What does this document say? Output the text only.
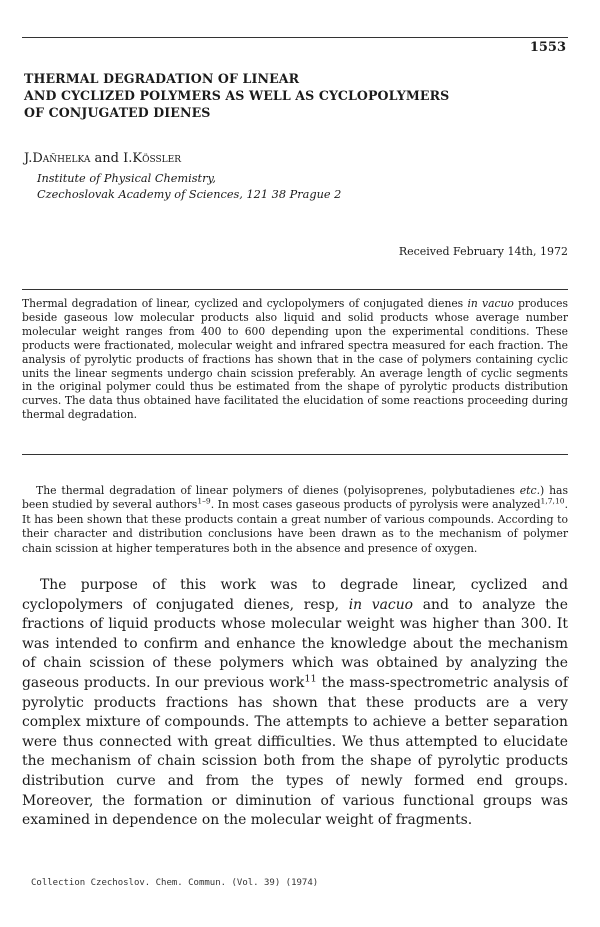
1553
THERMAL DEGRADATION OF LINEAR
AND CYCLIZED POLYMERS AS WELL AS CYCLOPOLYMERS
OF CONJUGATED DIENES
J.Dañhelka and I.Kössler
Institute of Physical Chemistry,
Czechoslovak Academy of Sciences, 121 38 Prague 2
Received February 14th, 1972
Thermal degradation of linear, cyclized and cyclopolymers of conjugated dienes in vacuo produces beside gaseous low molecular products also liquid and solid products whose average number molecular weight ranges from 400 to 600 depending upon the experimental conditions. These products were fractionated, molecular weight and infrared spectra measured for each fraction. The analysis of pyrolytic products of fractions has shown that in the case of polymers containing cyclic units the linear segments undergo chain scission preferably. An average length of cyclic segments in the original polymer could thus be estimated from the shape of pyrolytic products distribution curves. The data thus obtained have facilitated the elucidation of some reactions proceeding during thermal degradation.
The thermal degradation of linear polymers of dienes (polyisoprenes, polybutadienes etc.) has been studied by several authors$^{1-9}$. In most cases gaseous products of pyrolysis were analyzed$^{1,7,10}$. It has been shown that these products contain a great number of various compounds. According to their character and distribution conclusions have been drawn as to the mechanism of polymer chain scission at higher temperatures both in the absence and presence of oxygen.
The purpose of this work was to degrade linear, cyclized and cyclopolymers of conjugated dienes, resp, in vacuo and to analyze the fractions of liquid products whose molecular weight was higher than 300. It was intended to confirm and enhance the knowledge about the mechanism of chain scission of these polymers which was obtained by analyzing the gaseous products. In our previous work$^{11}$ the mass-spectrometric analysis of pyrolytic products fractions has shown that these products are a very complex mixture of compounds. The attempts to achieve a better separation were thus connected with great difficulties. We thus attempted to elucidate the mechanism of chain scission both from the shape of pyrolytic products distribution curve and from the types of newly formed end groups. Moreover, the formation or diminution of various functional groups was examined in dependence on the molecular weight of fragments.
Collection Czechoslov. Chem. Commun. (Vol. 39) (1974)
